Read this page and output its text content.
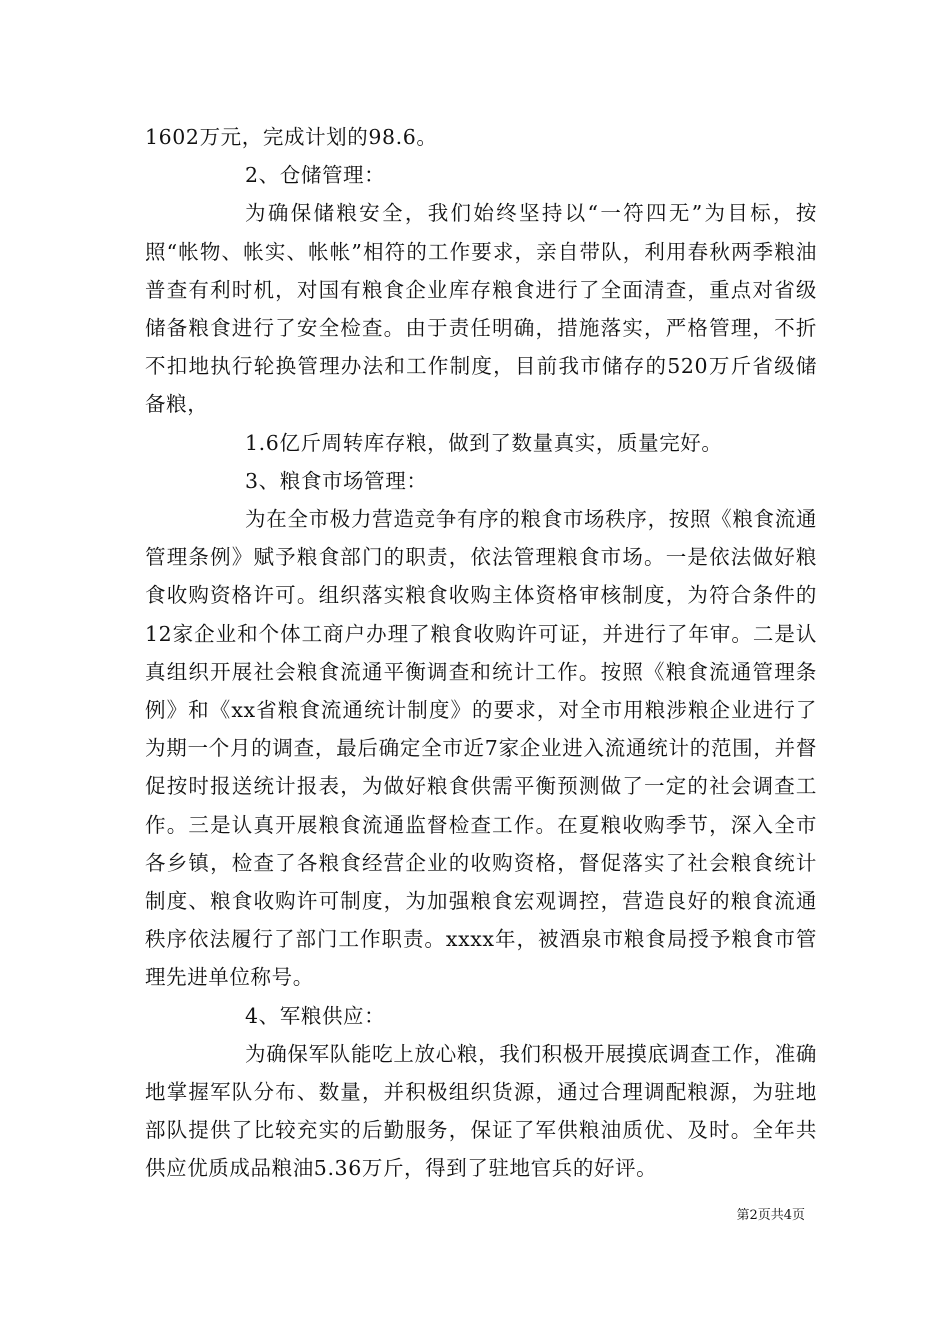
1602万元，完成计划的98.6。

2、仓储管理：

为确保储粮安全，我们始终坚持以“一符四无”为目标，按照“帐物、帐实、帐帐”相符的工作要求，亲自带队，利用春秋两季粮油普查有利时机，对国有粮食企业库存粮食进行了全面清查，重点对省级储备粮食进行了安全检查。由于责任明确，措施落实，严格管理，不折不扣地执行轮换管理办法和工作制度，目前我市储存的520万斤省级储备粮，

1.6亿斤周转库存粮，做到了数量真实，质量完好。

3、粮食市场管理：

为在全市极力营造竞争有序的粮食市场秩序，按照《粮食流通管理条例》赋予粮食部门的职责，依法管理粮食市场。一是依法做好粮食收购资格许可。组织落实粮食收购主体资格审核制度，为符合条件的12家企业和个体工商户办理了粮食收购许可证，并进行了年审。二是认真组织开展社会粮食流通平衡调查和统计工作。按照《粮食流通管理条例》和《xx省粮食流通统计制度》的要求，对全市用粮涉粮企业进行了为期一个月的调查，最后确定全市近7家企业进入流通统计的范围，并督促按时报送统计报表，为做好粮食供需平衡预测做了一定的社会调查工作。三是认真开展粮食流通监督检查工作。在夏粮收购季节，深入全市各乡镇，检查了各粮食经营企业的收购资格，督促落实了社会粮食统计制度、粮食收购许可制度，为加强粮食宏观调控，营造良好的粮食流通秩序依法履行了部门工作职责。xxxx年，被酒泉市粮食局授予粮食市管理先进单位称号。

4、军粮供应：

为确保军队能吃上放心粮，我们积极开展摸底调查工作，准确地掌握军队分布、数量，并积极组织货源，通过合理调配粮源，为驻地部队提供了比较充实的后勤服务，保证了军供粮油质优、及时。全年共供应优质成品粮油5.36万斤，得到了驻地官兵的好评。

第2页共4页
